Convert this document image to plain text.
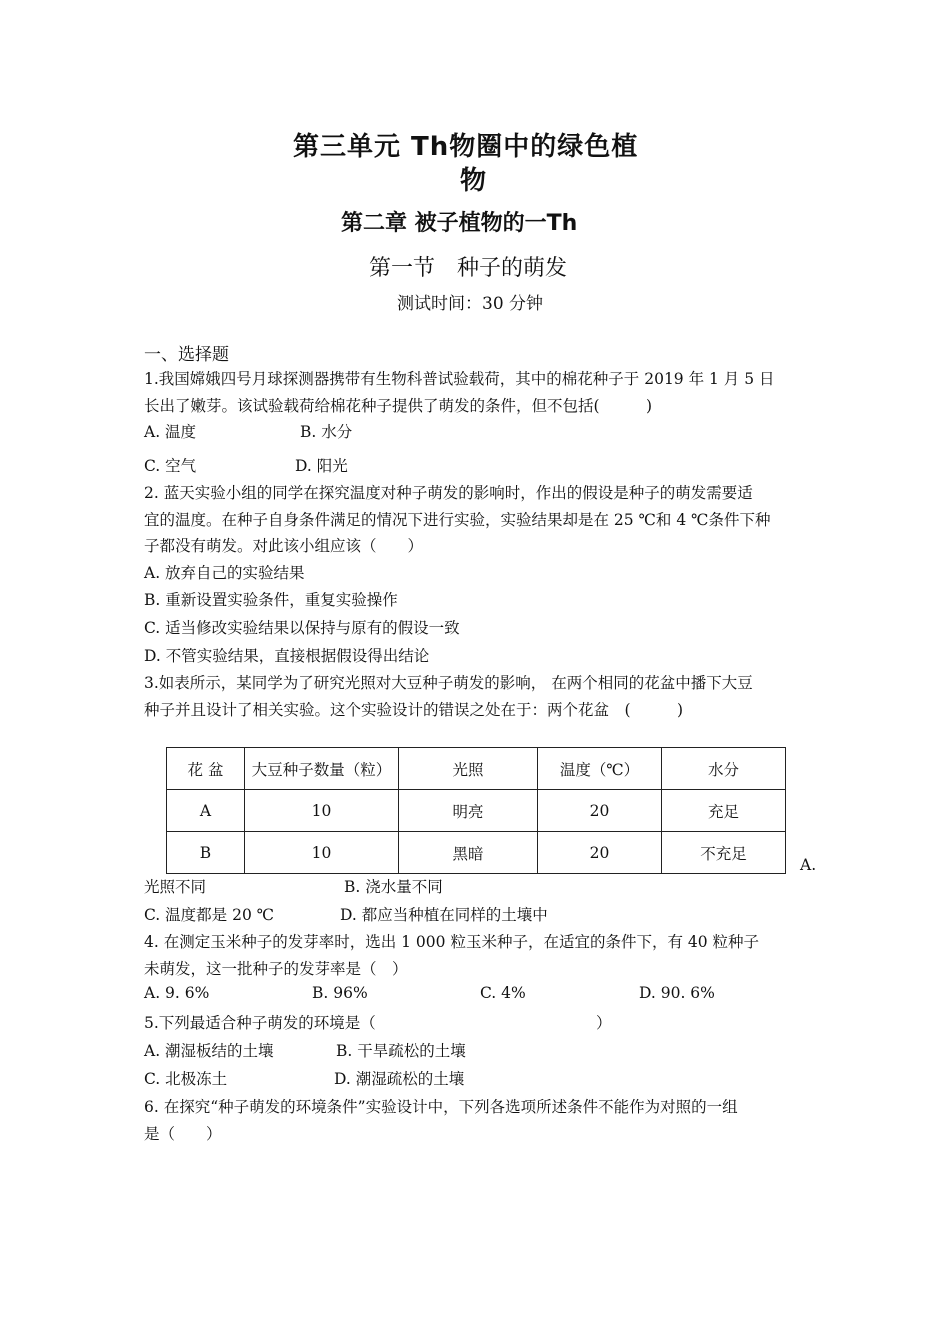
第三单元 Th物圈中的绿色植
物
第二章 被子植物的一Th
第一节　种子的萌发
测试时间：30 分钟
一、选择题
1.我国嫦娥四号月球探测器携带有生物科普试验载荷，其中的棉花种子于 2019 年 1 月 5 日
长出了嫩芽。该试验载荷给棉花种子提供了萌发的条件，但不包括(　　　)
A. 温度	B. 水分
C. 空气	D. 阳光
2. 蓝天实验小组的同学在探究温度对种子萌发的影响时，作出的假设是种子的萌发需要适
宜的温度。在种子自身条件满足的情况下进行实验，实验结果却是在 25 ℃和 4 ℃条件下种
子都没有萌发。对此该小组应该（　　）
A. 放弃自己的实验结果
B. 重新设置实验条件，重复实验操作
C. 适当修改实验结果以保持与原有的假设一致
D. 不管实验结果，直接根据假设得出结论
3.如表所示，某同学为了研究光照对大豆种子萌发的影响， 在两个相同的花盆中播下大豆
种子并且设计了相关实验。这个实验设计的错误之处在于：两个花盆　(　　　)
花 盆	大豆种子数量（粒）	光照	温度（℃）	水分
A	10	明亮	20	充足
B	10	黑暗	20	不充足
A.
光照不同	B. 浇水量不同
C. 温度都是 20 ℃	D. 都应当种植在同样的土壤中
4. 在测定玉米种子的发芽率时，选出 1 000 粒玉米种子，在适宜的条件下，有 40 粒种子
未萌发，这一批种子的发芽率是（　）
A. 9. 6%	B. 96%	C. 4%	D. 90. 6%
5.下列最适合种子萌发的环境是（	）
A. 潮湿板结的土壤	B. 干旱疏松的土壤
C. 北极冻土	D. 潮湿疏松的土壤
6. 在探究“种子萌发的环境条件”实验设计中，下列各选项所述条件不能作为对照的一组
是（　　）
